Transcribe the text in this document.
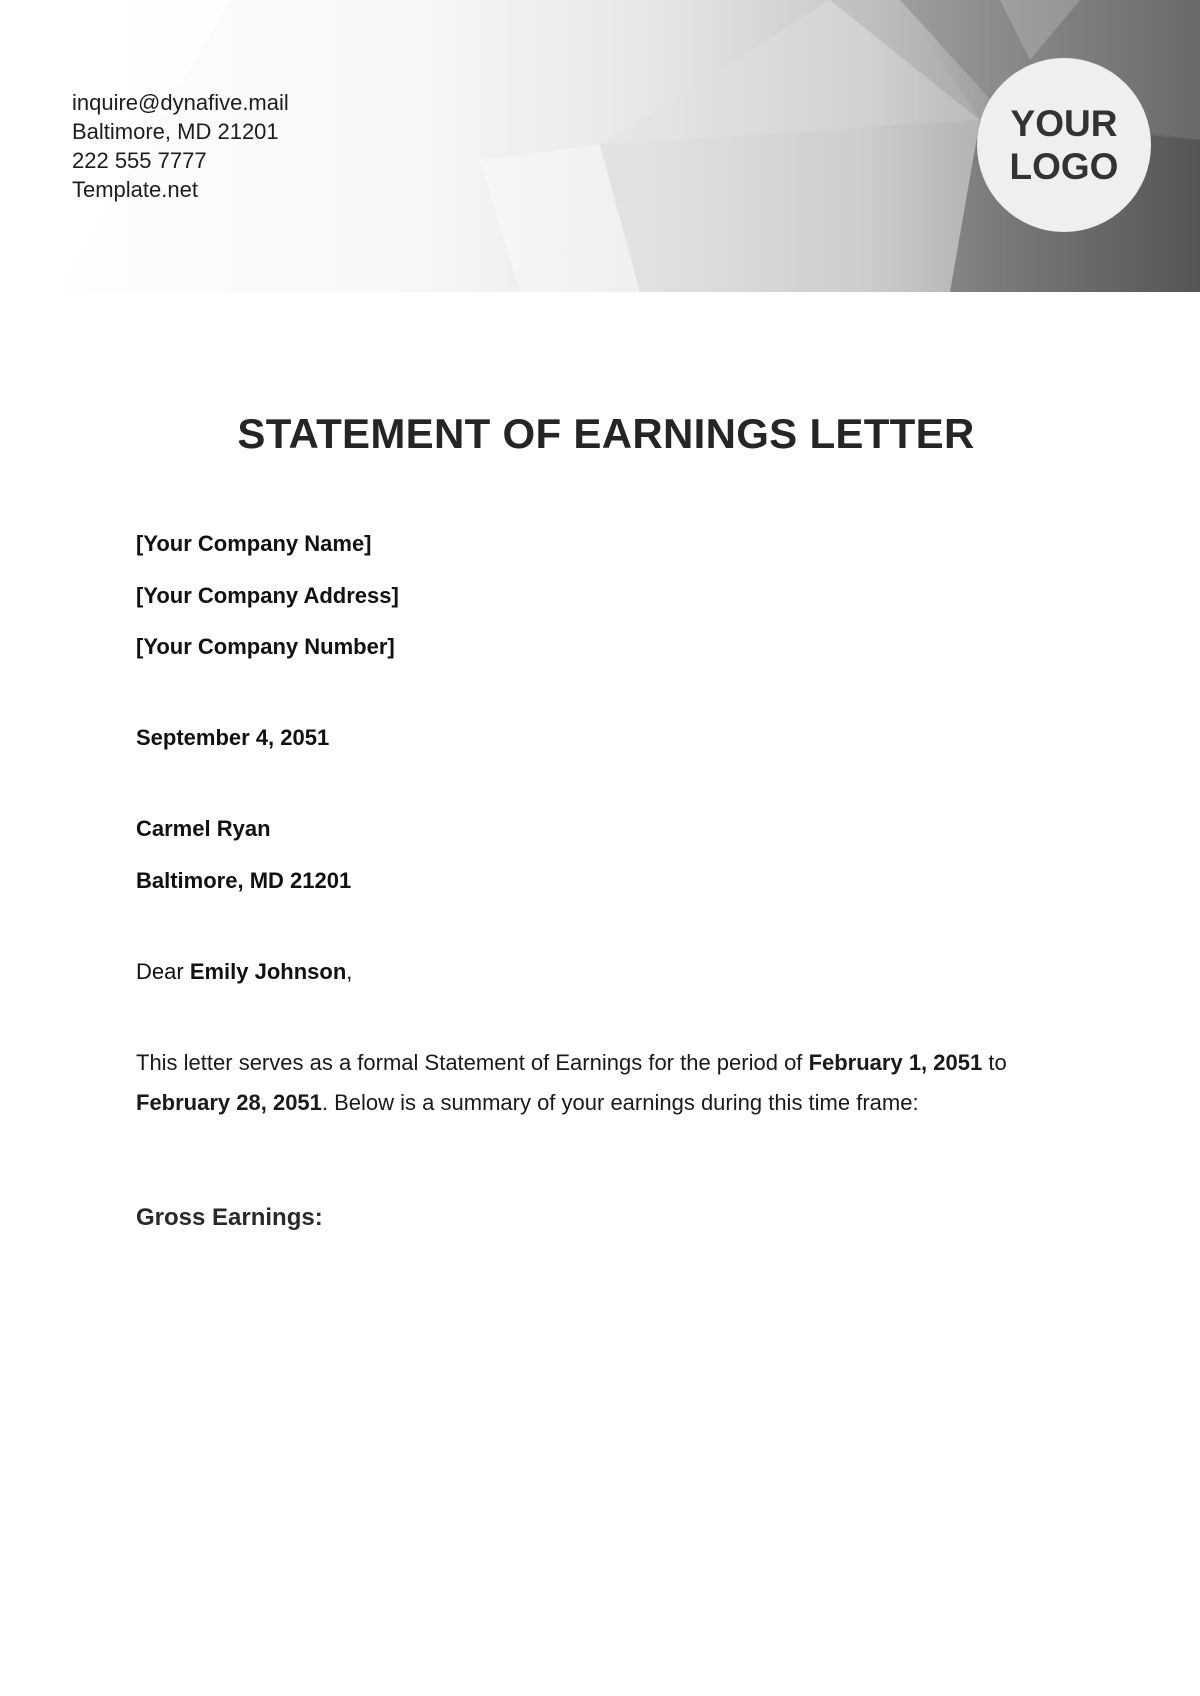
inquire@dynafive.mail
Baltimore, MD 21201
222 555 7777
Template.net
YOUR
LOGO
STATEMENT OF EARNINGS LETTER
[Your Company Name]
[Your Company Address]
[Your Company Number]
September 4, 2051
Carmel Ryan
Baltimore, MD 21201
Dear Emily Johnson,
This letter serves as a formal Statement of Earnings for the period of February 1, 2051 to February 28, 2051. Below is a summary of your earnings during this time frame:
Gross Earnings:
